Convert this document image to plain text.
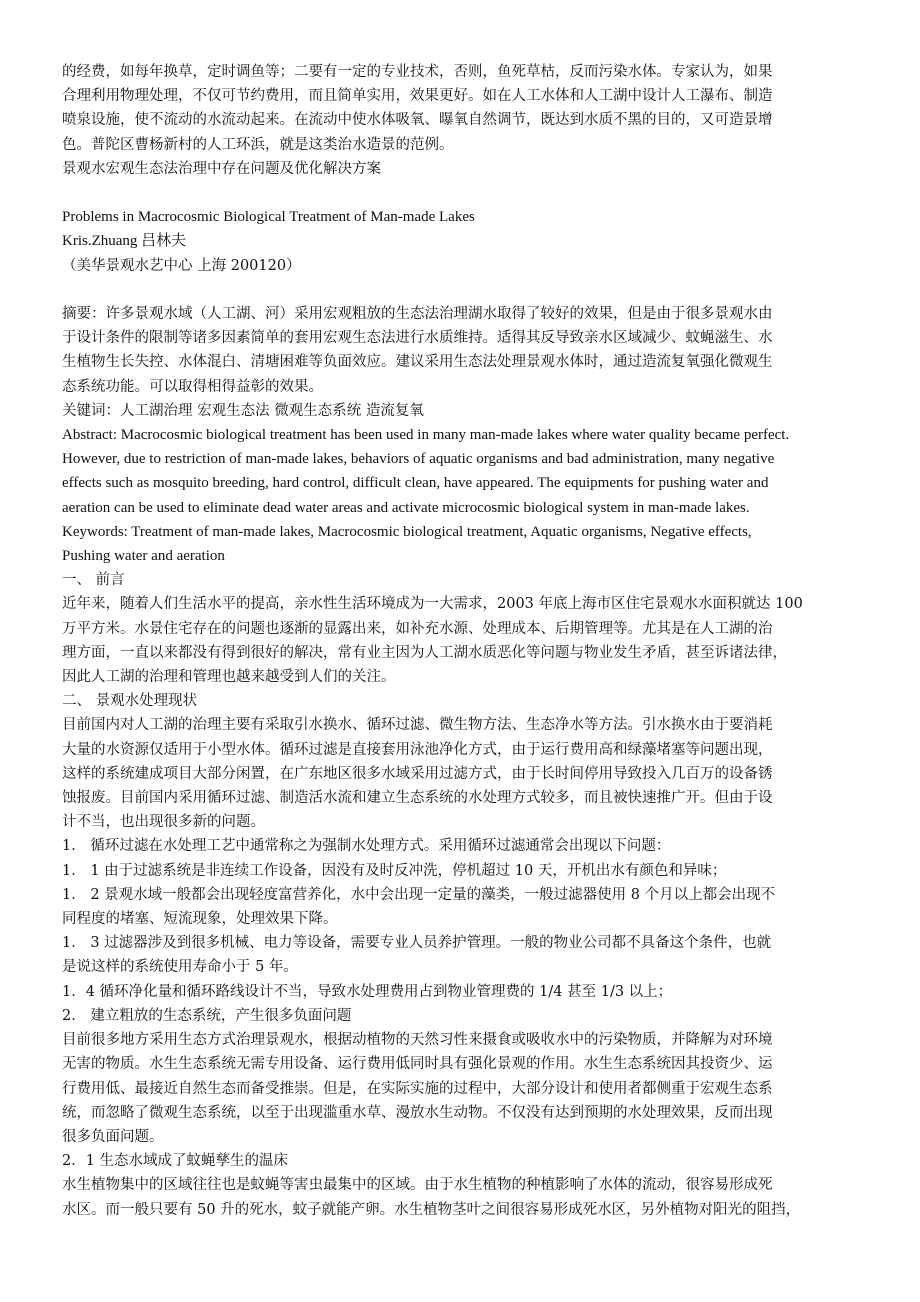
的经费，如每年换草，定时调鱼等；二要有一定的专业技术，否则，鱼死草枯，反而污染水体。专家认为，如果
合理利用物理处理，不仅可节约费用，而且简单实用，效果更好。如在人工水体和人工湖中设计人工瀑布、制造
喷泉设施，使不流动的水流动起来。在流动中使水体吸氧、曝氧自然调节，既达到水质不黑的目的，又可造景增
色。普陀区曹杨新村的人工环浜，就是这类治水造景的范例。
景观水宏观生态法治理中存在问题及优化解决方案
Problems in Macrocosmic Biological Treatment of Man-made Lakes
Kris.Zhuang 吕林夫
（美华景观水艺中心 上海 200120）
摘要：许多景观水域（人工湖、河）采用宏观粗放的生态法治理湖水取得了较好的效果，但是由于很多景观水由
于设计条件的限制等诸多因素简单的套用宏观生态法进行水质维持。适得其反导致亲水区域减少、蚊蝇滋生、水
生植物生长失控、水体混白、清塘困难等负面效应。建议采用生态法处理景观水体时，通过造流复氧强化微观生
态系统功能。可以取得相得益彰的效果。
关键词：人工湖治理 宏观生态法 微观生态系统 造流复氧
Abstract: Macrocosmic biological treatment has been used in many man-made lakes where water quality became perfect.
However, due to restriction of man-made lakes, behaviors of aquatic organisms and bad administration, many negative
effects such as mosquito breeding, hard control, difficult clean, have appeared. The equipments for pushing water and
aeration can be used to eliminate dead water areas and activate microcosmic biological system in man-made lakes.
Keywords: Treatment of man-made lakes, Macrocosmic biological treatment, Aquatic organisms, Negative effects,
Pushing water and aeration
一、 前言
近年来，随着人们生活水平的提高，亲水性生活环境成为一大需求，2003 年底上海市区住宅景观水水面积就达 100
万平方米。水景住宅存在的问题也逐渐的显露出来，如补充水源、处理成本、后期管理等。尤其是在人工湖的治
理方面，一直以来都没有得到很好的解决，常有业主因为人工湖水质恶化等问题与物业发生矛盾，甚至诉诸法律，
因此人工湖的治理和管理也越来越受到人们的关注。
二、 景观水处理现状
目前国内对人工湖的治理主要有采取引水换水、循环过滤、微生物方法、生态净水等方法。引水换水由于要消耗
大量的水资源仅适用于小型水体。循环过滤是直接套用泳池净化方式，由于运行费用高和绿藻堵塞等问题出现，
这样的系统建成项目大部分闲置，在广东地区很多水域采用过滤方式，由于长时间停用导致投入几百万的设备锈
蚀报废。目前国内采用循环过滤、制造活水流和建立生态系统的水处理方式较多，而且被快速推广开。但由于设
计不当，也出现很多新的问题。
1． 循环过滤在水处理工艺中通常称之为强制水处理方式。采用循环过滤通常会出现以下问题：
1． 1 由于过滤系统是非连续工作设备，因没有及时反冲洗，停机超过 10 天，开机出水有颜色和异味；
1． 2 景观水域一般都会出现轻度富营养化，水中会出现一定量的藻类，一般过滤器使用 8 个月以上都会出现不
同程度的堵塞、短流现象，处理效果下降。
1． 3 过滤器涉及到很多机械、电力等设备，需要专业人员养护管理。一般的物业公司都不具备这个条件，也就
是说这样的系统使用寿命小于 5 年。
1．4 循环净化量和循环路线设计不当，导致水处理费用占到物业管理费的 1/4 甚至 1/3 以上；
2． 建立粗放的生态系统，产生很多负面问题
目前很多地方采用生态方式治理景观水，根据动植物的天然习性来摄食或吸收水中的污染物质，并降解为对环境
无害的物质。水生生态系统无需专用设备、运行费用低同时具有强化景观的作用。水生生态系统因其投资少、运
行费用低、最接近自然生态而备受推崇。但是，在实际实施的过程中，大部分设计和使用者都侧重于宏观生态系
统，而忽略了微观生态系统，以至于出现滥重水草、漫放水生动物。不仅没有达到预期的水处理效果，反而出现
很多负面问题。
2．1 生态水域成了蚊蝇孳生的温床
水生植物集中的区域往往也是蚊蝇等害虫最集中的区域。由于水生植物的种植影响了水体的流动，很容易形成死
水区。而一般只要有 50 升的死水，蚊子就能产卵。水生植物茎叶之间很容易形成死水区，另外植物对阳光的阻挡，
